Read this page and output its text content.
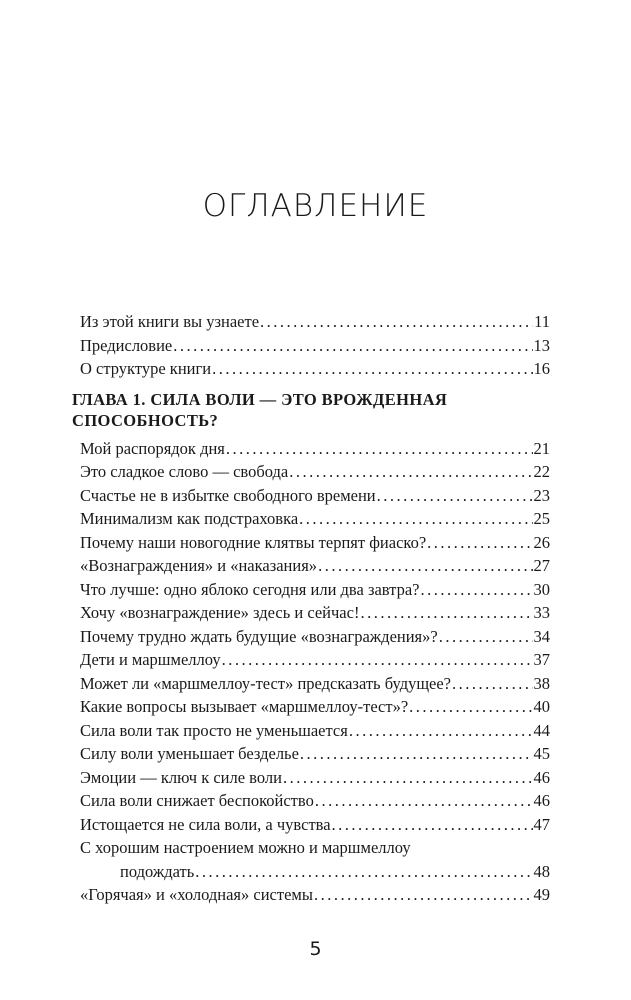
ОГЛАВЛЕНИЕ
Из этой книги вы узнаете .....	11
Предисловие .....	13
О структуре книги .....	16
ГЛАВА 1. СИЛА ВОЛИ — ЭТО ВРОЖДЕННАЯ СПОСОБНОСТЬ?
Мой распорядок дня .....	21
Это сладкое слово — свобода .....	22
Счастье не в избытке свободного времени .....	23
Минимализм как подстраховка .....	25
Почему наши новогодние клятвы терпят фиаско? .....	26
«Вознаграждения» и «наказания» .....	27
Что лучше: одно яблоко сегодня или два завтра? .....	30
Хочу «вознаграждение» здесь и сейчас! .....	33
Почему трудно ждать будущие «вознаграждения»? .....	34
Дети и маршмеллоу .....	37
Может ли «маршмеллоу-тест» предсказать будущее? .....	38
Какие вопросы вызывает «маршмеллоу-тест»? .....	40
Сила воли так просто не уменьшается .....	44
Силу воли уменьшает безделье .....	45
Эмоции — ключ к силе воли .....	46
Сила воли снижает беспокойство .....	46
Истощается не сила воли, а чувства .....	47
С хорошим настроением можно и маршмеллоу
подождать .....	48
«Горячая» и «холодная» системы .....	49
5
